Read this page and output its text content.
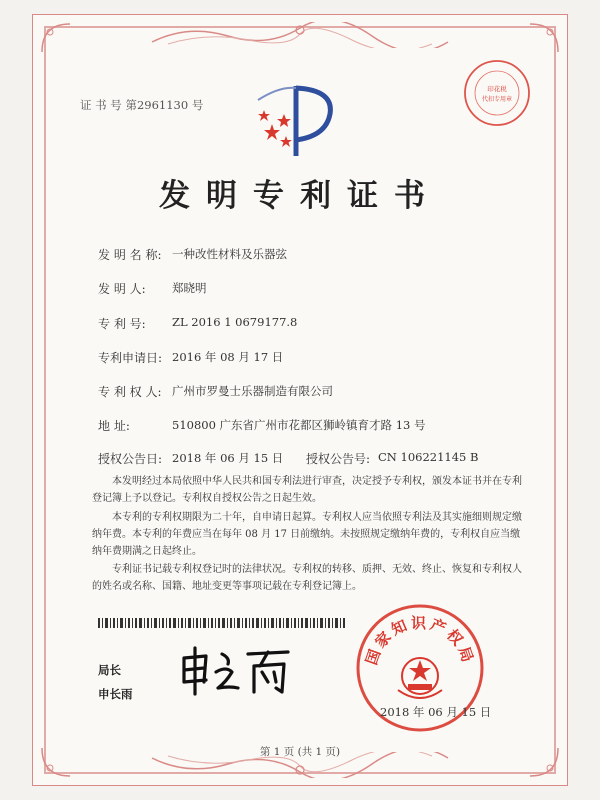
证 书 号 第2961130 号
印花税
代扣专用章
发明专利证书
发 明 名 称: 一种改性材料及乐器弦
发 明 人: 郑晓明
专 利 号: ZL 2016 1 0679177.8
专利申请日: 2016 年 08 月 17 日
专 利 权 人: 广州市罗曼士乐器制造有限公司
地 址:	510800 广东省广州市花都区狮岭镇育才路 13 号
授权公告日: 2018 年 06 月 15 日 授权公告号: CN 106221145 B
本发明经过本局依照中华人民共和国专利法进行审查，决定授予专利权，颁发本证书并在专利登记簿上予以登记。专利权自授权公告之日起生效。
本专利的专利权期限为二十年，自申请日起算。专利权人应当依照专利法及其实施细则规定缴纳年费。本专利的年费应当在每年 08 月 17 日前缴纳。未按照规定缴纳年费的，专利权自应当缴纳年费期满之日起终止。
专利证书记载专利权登记时的法律状况。专利权的转移、质押、无效、终止、恢复和专利权人的姓名或名称、国籍、地址变更等事项记载在专利登记簿上。
局长
申长雨
国家知识产权局
2018 年 06 月 15 日
第 1 页 (共 1 页)
